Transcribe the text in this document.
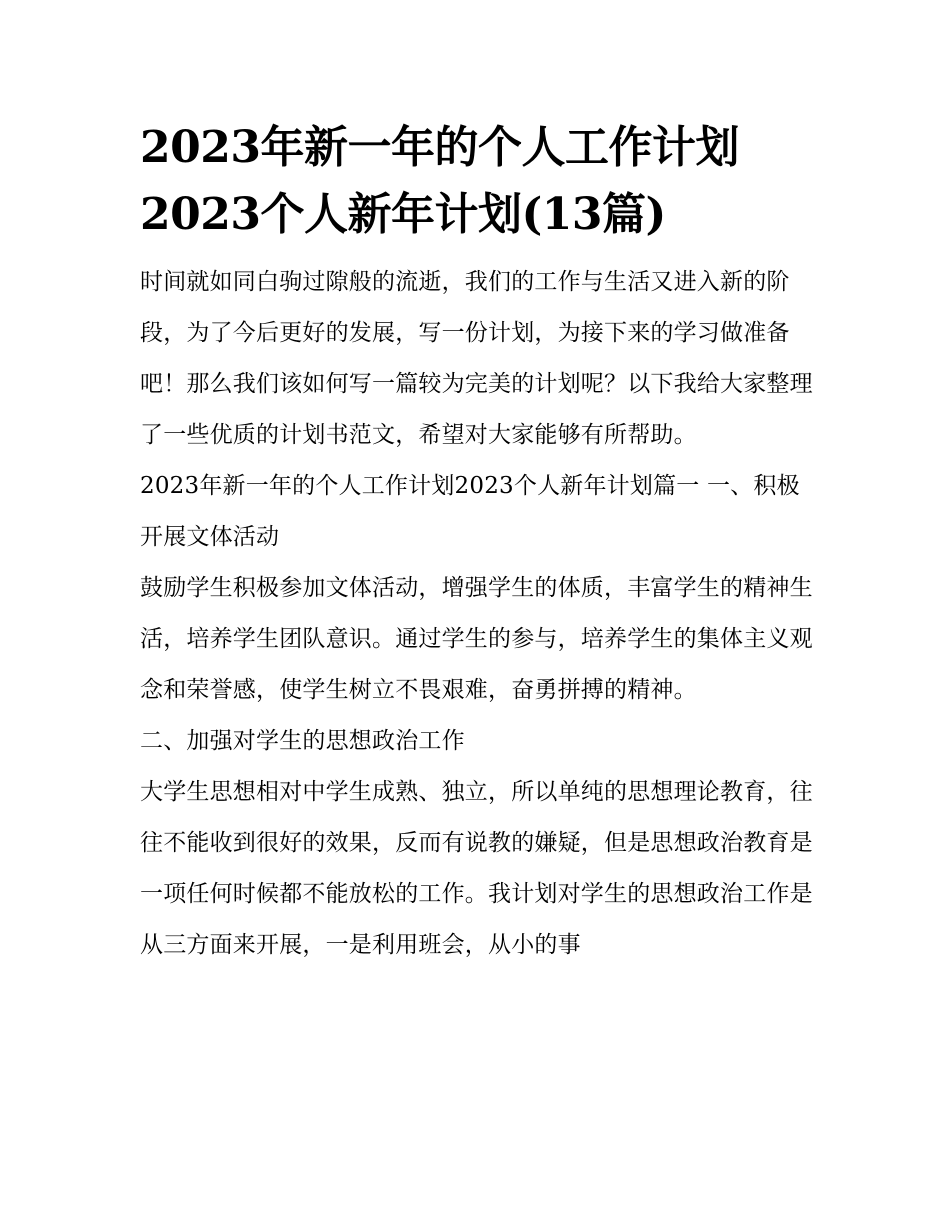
2023年新一年的个人工作计划
2023个人新年计划(13篇)

时间就如同白驹过隙般的流逝，我们的工作与生活又进入新的阶段，为了今后更好的发展，写一份计划，为接下来的学习做准备吧！那么我们该如何写一篇较为完美的计划呢？以下我给大家整理了一些优质的计划书范文，希望对大家能够有所帮助。

2023年新一年的个人工作计划2023个人新年计划篇一 一、积极开展文体活动

鼓励学生积极参加文体活动，增强学生的体质，丰富学生的精神生活，培养学生团队意识。通过学生的参与，培养学生的集体主义观念和荣誉感，使学生树立不畏艰难，奋勇拼搏的精神。

二、加强对学生的思想政治工作

大学生思想相对中学生成熟、独立，所以单纯的思想理论教育，往往不能收到很好的效果，反而有说教的嫌疑，但是思想政治教育是一项任何时候都不能放松的工作。我计划对学生的思想政治工作是从三方面来开展，一是利用班会，从小的事
